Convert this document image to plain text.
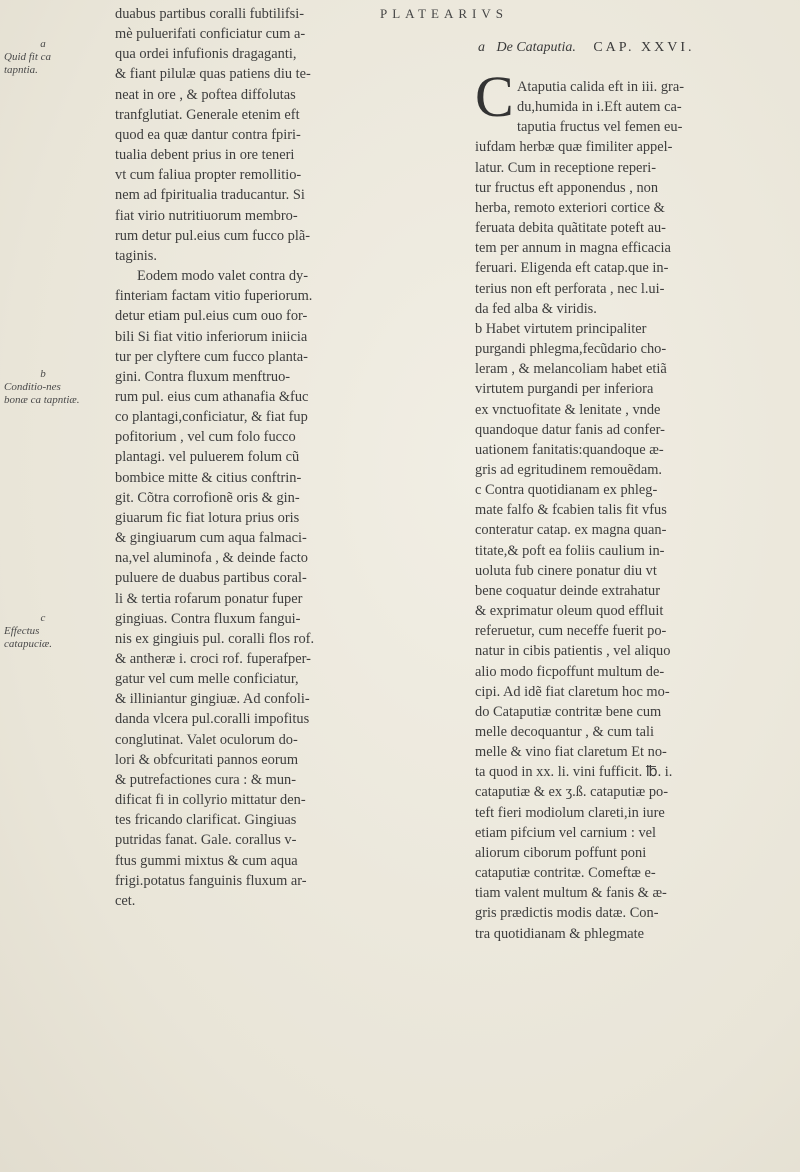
PLATEARIVS
a
Quid fit ca tapntia.
b
Conditio-nes bonæ ca tapntiæ.
c
Effectus catapuciæ.
duabus partibus coralli fubtilifsi-
mè puluerifati conficiatur cum a-
qua ordei infufionis dragaganti,
& fiant pilulæ quas patiens diu te-
neat in ore , & poftea diffolutas
tranfglutiat. Generale etenim eft
quod ea quæ dantur contra fpiri-
tualia debent prius in ore teneri
vt cum faliua propter remollitio-
nem ad fpiritualia traducantur. Si
fiat virio nutritiuorum membro-
rum detur pul.eius cum fucco plã-
taginis.
Eodem modo valet contra dy-
finteriam factam vitio fuperiorum.
detur etiam pul.eius cum ouo for-
bili Si fiat vitio inferiorum iniicia
tur per clyftere cum fucco planta-
gini. Contra fluxum menftruo-
rum pul. eius cum athanafia &fuc
co plantagi,conficiatur, & fiat fup
pofitorium , vel cum folo fucco
plantagi. vel puluerem folum cũ
bombice mitte & citius conftrin-
git. Cõtra corrofionẽ oris & gin-
giuarum fic fiat lotura prius oris
& gingiuarum cum aqua falmaci-
na,vel aluminofa , & deinde facto
puluere de duabus partibus coral-
li & tertia rofarum ponatur fuper
gingiuas. Contra fluxum fangui-
nis ex gingiuis pul. coralli flos rof.
& antheræ i. croci rof. fuperafper-
gatur vel cum melle conficiatur,
& illiniantur gingiuæ. Ad confoli-
danda vlcera pul.coralli impofitus
conglutinat. Valet oculorum do-
lori & obfcuritati pannos eorum
& putrefactiones cura : & mun-
dificat fi in collyrio mittatur den-
tes fricando clarificat. Gingiuas
putridas fanat. Gale. corallus v-
ftus gummi mixtus & cum aqua
frigi.potatus fanguinis fluxum ar-
cet.
a De Cataputia. CAP. XXVI.
C Ataputia calida eft in iii. gra-
du,humida in i.Eft autem ca-
taputia fructus vel femen eu-
iufdam herbæ quæ fimiliter appel-
latur. Cum in receptione reperi-
tur fructus eft apponendus , non
herba, remoto exteriori cortice &
feruata debita quãtitate poteft au-
tem per annum in magna efficacia
feruari. Eligenda eft catap.que in-
terius non eft perforata , nec l.ui-
da fed alba & viridis.
b Habet virtutem principaliter
purgandi phlegma,fecũdario cho-
leram , & melancoliam habet etiã
virtutem purgandi per inferiora
ex vnctuofitate & lenitate , vnde
quandoque datur fanis ad confer-
uationem fanitatis:quandoque æ-
gris ad egritudinem remouẽdam.
c Contra quotidianam ex phleg-
mate falfo & fcabien talis fit vfus
conteratur catap. ex magna quan-
titate,& poft ea foliis caulium in-
uoluta fub cinere ponatur diu vt
bene coquatur deinde extrahatur
& exprimatur oleum quod effluit
referuetur, cum neceffe fuerit po-
natur in cibis patientis , vel aliquo
alio modo ficpoffunt multum de-
cipi. Ad idẽ fiat claretum hoc mo-
do Cataputiæ contritæ bene cum
melle decoquantur , & cum tali
melle & vino fiat claretum Et no-
ta quod in xx. li. vini fufficit. ℔. i.
cataputiæ & ex ʒ.ß. cataputiæ po-
teft fieri modiolum clareti,in iure
etiam pifcium vel carnium : vel
aliorum ciborum poffunt poni
cataputiæ contritæ. Comeftæ e-
tiam valent multum & fanis & æ-
gris prædictis modis datæ. Con-
tra quotidianam & phlegmate
